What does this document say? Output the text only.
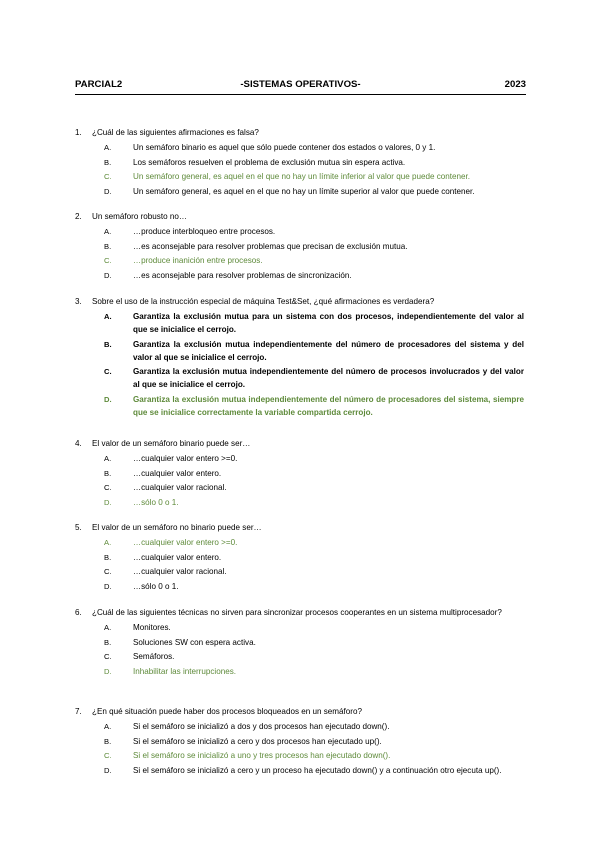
PARCIAL2	-SISTEMAS OPERATIVOS-	2023
1.	¿Cuál de las siguientes afirmaciones es falsa?
A.	Un semáforo binario es aquel que sólo puede contener dos estados o valores, 0 y 1.
B.	Los semáforos resuelven el problema de exclusión mutua sin espera activa.
C.	Un semáforo general, es aquel en el que no hay un límite inferior al valor que puede contener.
D.	Un semáforo general, es aquel en el que no hay un límite superior al valor que puede contener.
2.	Un semáforo robusto no…
A.	…produce interbloqueo entre procesos.
B.	…es aconsejable para resolver problemas que precisan de exclusión mutua.
C.	…produce inanición entre procesos.
D.	…es aconsejable para resolver problemas de sincronización.
3.	Sobre el uso de la instrucción especial de máquina Test&Set, ¿qué afirmaciones es verdadera?
A.	Garantiza la exclusión mutua para un sistema con dos procesos, independientemente del valor al que se inicialice el cerrojo.
B.	Garantiza la exclusión mutua independientemente del número de procesadores del sistema y del valor al que se inicialice el cerrojo.
C.	Garantiza la exclusión mutua independientemente del número de procesos involucrados y del valor al que se inicialice el cerrojo.
D.	Garantiza la exclusión mutua independientemente del número de procesadores del sistema, siempre que se inicialice correctamente la variable compartida cerrojo.
4.	El valor de un semáforo binario puede ser…
A.	…cualquier valor entero >=0.
B.	…cualquier valor entero.
C.	…cualquier valor racional.
D.	…sólo 0 o 1.
5.	El valor de un semáforo no binario puede ser…
A.	…cualquier valor entero >=0.
B.	…cualquier valor entero.
C.	…cualquier valor racional.
D.	…sólo 0 o 1.
6.	¿Cuál de las siguientes técnicas no sirven para sincronizar procesos cooperantes en un sistema multiprocesador?
A.	Monitores.
B.	Soluciones SW con espera activa.
C.	Semáforos.
D.	Inhabilitar las interrupciones.
7.	¿En qué situación puede haber dos procesos bloqueados en un semáforo?
A.	Si el semáforo se inicializó a dos y dos procesos han ejecutado down().
B.	Si el semáforo se inicializó a cero y dos procesos han ejecutado up().
C.	Si el semáforo se inicializó a uno y tres procesos han ejecutado down().
D.	Si el semáforo se inicializó a cero y un proceso ha ejecutado down() y a continuación otro ejecuta up().
